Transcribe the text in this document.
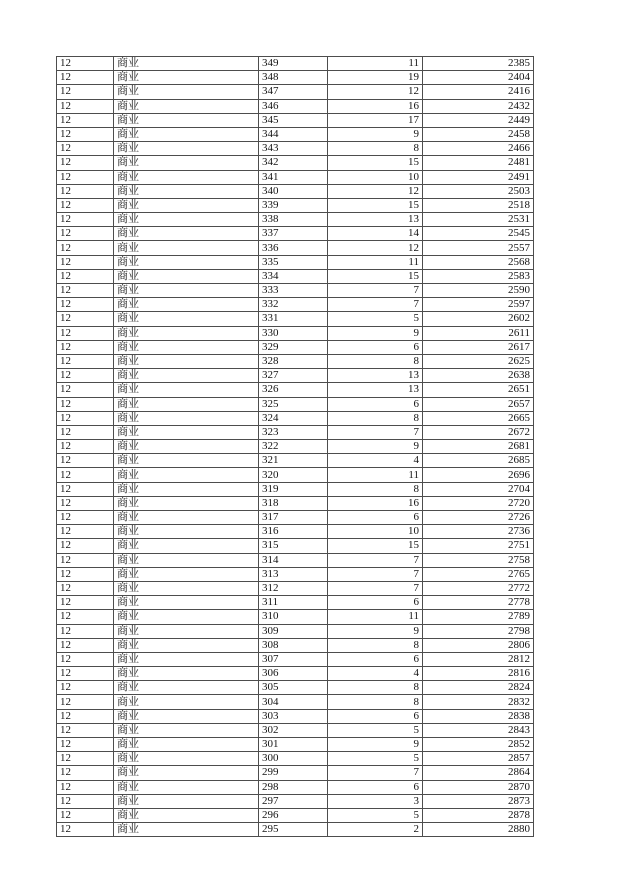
12	商业	349	11	2385
12	商业	348	19	2404
12	商业	347	12	2416
12	商业	346	16	2432
12	商业	345	17	2449
12	商业	344	9	2458
12	商业	343	8	2466
12	商业	342	15	2481
12	商业	341	10	2491
12	商业	340	12	2503
12	商业	339	15	2518
12	商业	338	13	2531
12	商业	337	14	2545
12	商业	336	12	2557
12	商业	335	11	2568
12	商业	334	15	2583
12	商业	333	7	2590
12	商业	332	7	2597
12	商业	331	5	2602
12	商业	330	9	2611
12	商业	329	6	2617
12	商业	328	8	2625
12	商业	327	13	2638
12	商业	326	13	2651
12	商业	325	6	2657
12	商业	324	8	2665
12	商业	323	7	2672
12	商业	322	9	2681
12	商业	321	4	2685
12	商业	320	11	2696
12	商业	319	8	2704
12	商业	318	16	2720
12	商业	317	6	2726
12	商业	316	10	2736
12	商业	315	15	2751
12	商业	314	7	2758
12	商业	313	7	2765
12	商业	312	7	2772
12	商业	311	6	2778
12	商业	310	11	2789
12	商业	309	9	2798
12	商业	308	8	2806
12	商业	307	6	2812
12	商业	306	4	2816
12	商业	305	8	2824
12	商业	304	8	2832
12	商业	303	6	2838
12	商业	302	5	2843
12	商业	301	9	2852
12	商业	300	5	2857
12	商业	299	7	2864
12	商业	298	6	2870
12	商业	297	3	2873
12	商业	296	5	2878
12	商业	295	2	2880
